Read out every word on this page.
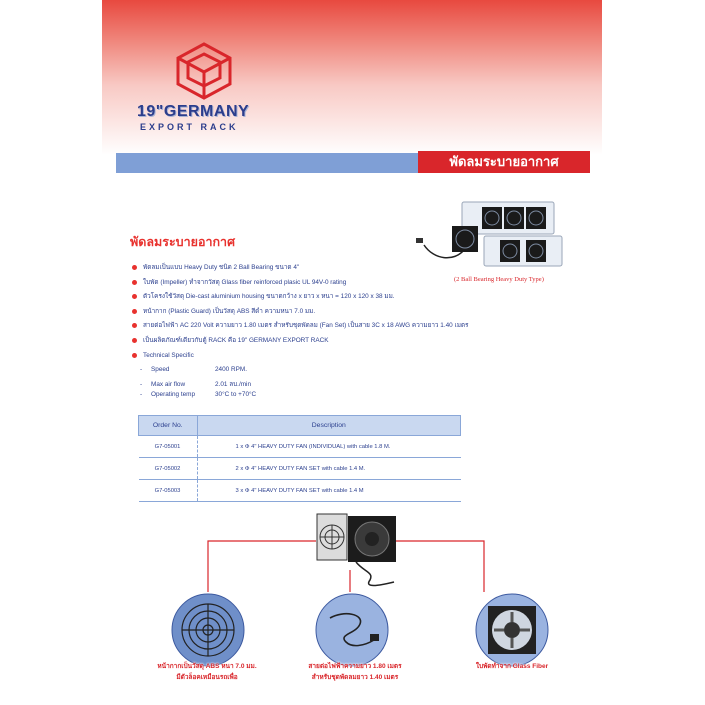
19"GERMANY
EXPORT RACK
พัดลมระบายอากาศ
(2 Ball Bearing Heavy Duty Type)
พัดลมระบายอากาศ
พัดลมเป็นแบบ Heavy Duty ชนิด 2 Ball Bearing ขนาด 4"
ใบพัด (Impeller) ทำจากวัสดุ Glass fiber reinforced plasic UL 94V-0 rating
ตัวโครงใช้วัสดุ Die-cast aluminium housing ขนาดกว้าง x ยาว x หนา = 120 x 120 x 38 มม.
หน้ากาก (Plastic Guard) เป็นวัสดุ ABS สีดำ ความหนา 7.0 มม.
สายต่อไฟฟ้า AC 220 Volt ความยาว 1.80 เมตร สำหรับชุดพัดลม (Fan Set) เป็นสาย 3C x 18 AWG ความยาว 1.40 เมตร
เป็นผลิตภัณฑ์เดียวกับตู้ RACK คือ 19" GERMANY EXPORT RACK
Technical Specific
- Speed	2400 RPM.
- Max air flow	2.01 ลบ./min
- Operating temp	30°C to +70°C
Order No.	Description
G7-05001	1 x Φ 4" HEAVY DUTY FAN (INDIVIDUAL) with cable 1.8 M.
G7-05002	2 x Φ 4" HEAVY DUTY FAN SET with cable 1.4 M.
G7-05003	3 x Φ 4" HEAVY DUTY FAN SET with cable 1.4 M
หน้ากากเป็นวัสดุ ABS หนา 7.0 มม.
มีตัวล็อคเหมือนรถเพื่อ
สายต่อไฟฟ้าความยาว 1.80 เมตร
สำหรับชุดพัดลมยาว 1.40 เมตร
ใบพัดทำจาก Glass Fiber
